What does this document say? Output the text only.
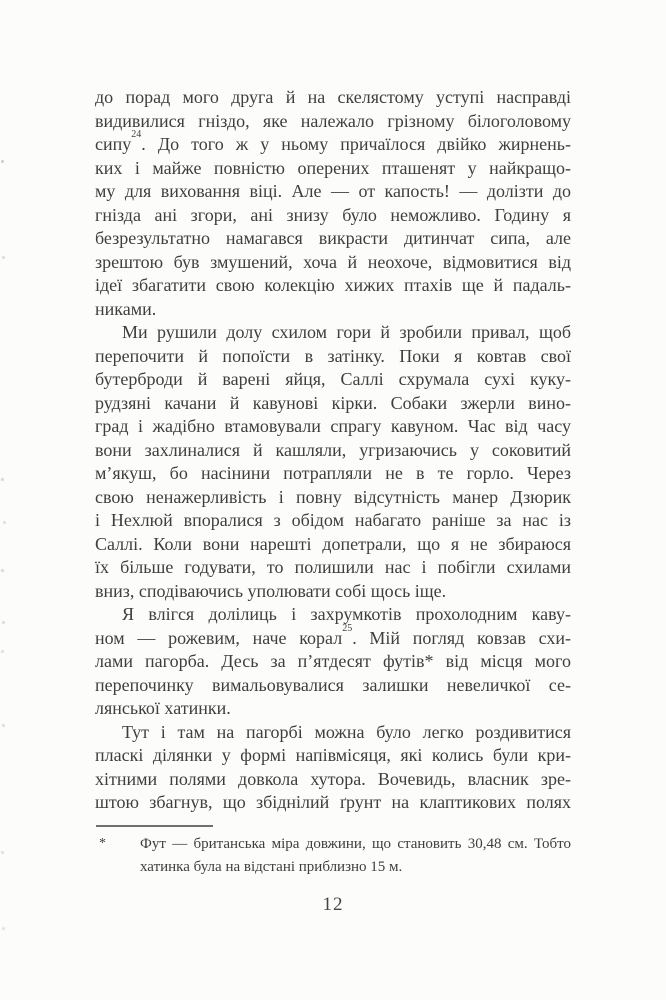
до порад мого друга й на скелястому уступі насправді
видивилися гніздо, яке належало грізному білоголовому
сипу$^{24}$. До того ж у ньому причаїлося двійко жирнень-
ких і майже повністю оперених пташенят у найкращо-
му для виховання віці. Але — от капость! — долізти до
гнізда ані згори, ані знизу було неможливо. Годину я
безрезультатно намагався викрасти дитинчат сипа, але
зрештою був змушений, хоча й неохоче, відмовитися від
ідеї збагатити свою колекцію хижих птахів ще й падаль-
никами.
Ми рушили долу схилом гори й зробили привал, щоб
перепочити й попоїсти в затінку. Поки я ковтав свої
бутерброди й варені яйця, Саллі схрумала сухі куку-
рудзяні качани й кавунові кірки. Собаки зжерли вино-
град і жадібно втамовували спрагу кавуном. Час від часу
вони захлиналися й кашляли, угризаючись у соковитий
м’якуш, бо насінини потрапляли не в те горло. Через
свою ненажерливість і повну відсутність манер Дзюрик
і Нехлюй впоралися з обідом набагато раніше за нас із
Саллі. Коли вони нарешті допетрали, що я не збираюся
їх більше годувати, то полишили нас і побігли схилами
вниз, сподіваючись уполювати собі щось іще.
Я влігся долілиць і захрумкотів прохолодним каву-
ном — рожевим, наче корал$^{25}$. Мій погляд ковзав схи-
лами пагорба. Десь за п’ятдесят футів* від місця мого
перепочинку вимальовувалися залишки невеличкої се-
лянської хатинки.
Тут і там на пагорбі можна було легко роздивитися
пласкі ділянки у формі напівмісяця, які колись були кри-
хітними полями довкола хутора. Вочевидь, власник зре-
штою збагнув, що збіднілий ґрунт на клаптикових полях
*	Фут — британська міра довжини, що становить 30,48 см. Тобто
хатинка була на відстані приблизно 15 м.
12
